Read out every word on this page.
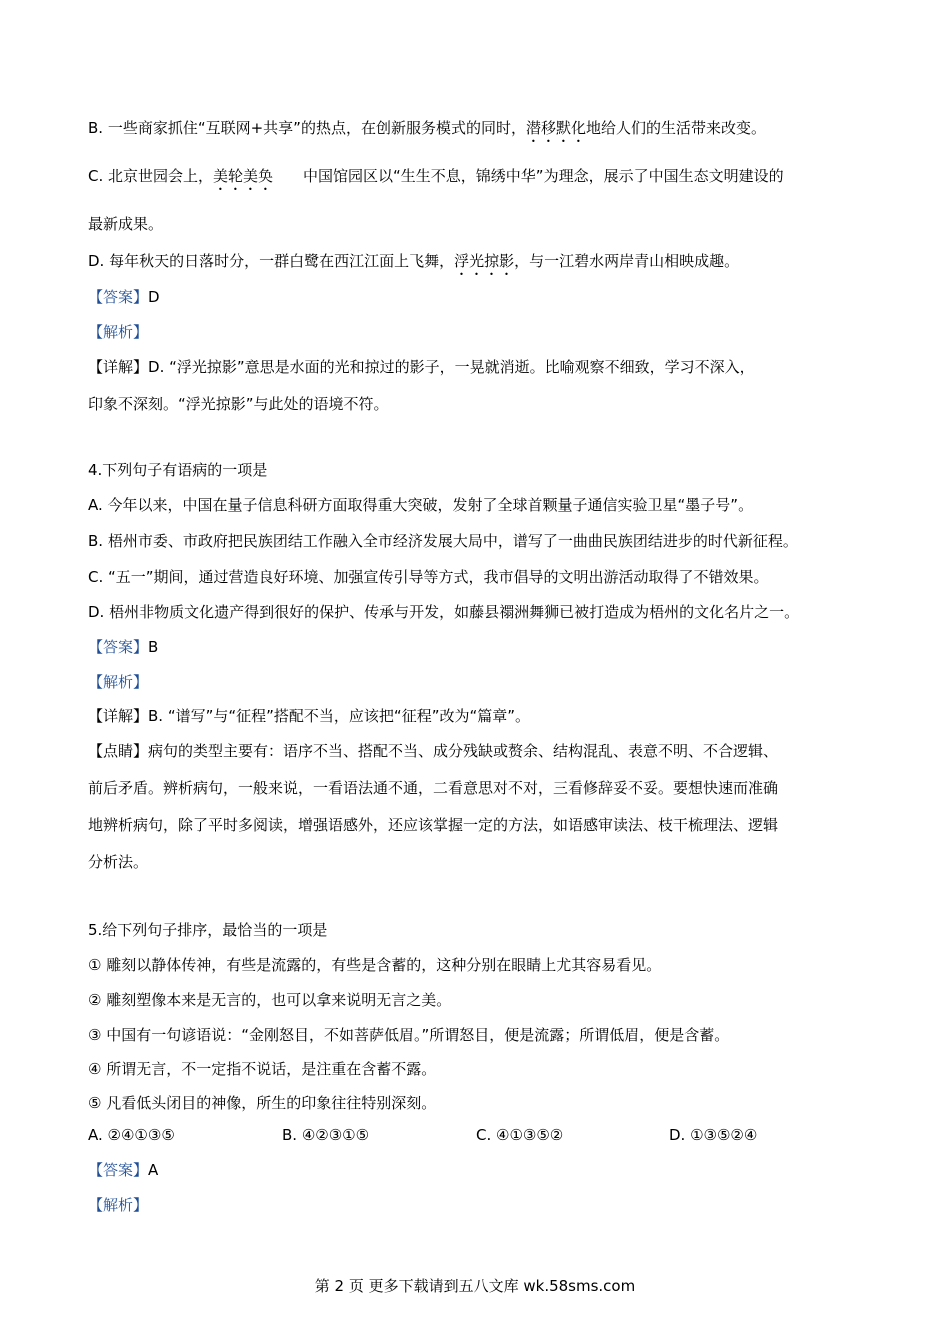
B. 一些商家抓住“互联网+共享”的热点，在创新服务模式的同时，潜移默化地给人们的生活带来改变。
C. 北京世园会上，美轮美奂 中国馆园区以“生生不息，锦绣中华”为理念，展示了中国生态文明建设的
最新成果。
D. 每年秋天的日落时分，一群白鹭在西江江面上飞舞，浮光掠影，与一江碧水两岸青山相映成趣。
【答案】D
【解析】
【详解】D. “浮光掠影”意思是水面的光和掠过的影子，一晃就消逝。比喻观察不细致，学习不深入，
印象不深刻。“浮光掠影”与此处的语境不符。
4.下列句子有语病的一项是
A. 今年以来，中国在量子信息科研方面取得重大突破，发射了全球首颗量子通信实验卫星“墨子号”。
B. 梧州市委、市政府把民族团结工作融入全市经济发展大局中，谱写了一曲曲民族团结进步的时代新征程。
C. “五一”期间，通过营造良好环境、加强宣传引导等方式，我市倡导的文明出游活动取得了不错效果。
D. 梧州非物质文化遗产得到很好的保护、传承与开发，如藤县禤洲舞狮已被打造成为梧州的文化名片之一。
【答案】B
【解析】
【详解】B. “谱写”与“征程”搭配不当，应该把“征程”改为“篇章”。
【点睛】病句的类型主要有：语序不当、搭配不当、成分残缺或赘余、结构混乱、表意不明、不合逻辑、
前后矛盾。辨析病句，一般来说，一看语法通不通，二看意思对不对，三看修辞妥不妥。要想快速而准确
地辨析病句，除了平时多阅读，增强语感外，还应该掌握一定的方法，如语感审读法、枝干梳理法、逻辑
分析法。
5.给下列句子排序，最恰当的一项是
① 雕刻以静体传神，有些是流露的，有些是含蓄的，这种分别在眼睛上尤其容易看见。
② 雕刻塑像本来是无言的，也可以拿来说明无言之美。
③ 中国有一句谚语说：“金刚怒目，不如菩萨低眉。”所谓怒目，便是流露；所谓低眉，便是含蓄。
④ 所谓无言，不一定指不说话，是注重在含蓄不露。
⑤ 凡看低头闭目的神像，所生的印象往往特别深刻。
A. ②④①③⑤	B. ④②③①⑤	C. ④①③⑤②	D. ①③⑤②④
【答案】A
【解析】
第 2 页 更多下载请到五八文库 wk.58sms.com
